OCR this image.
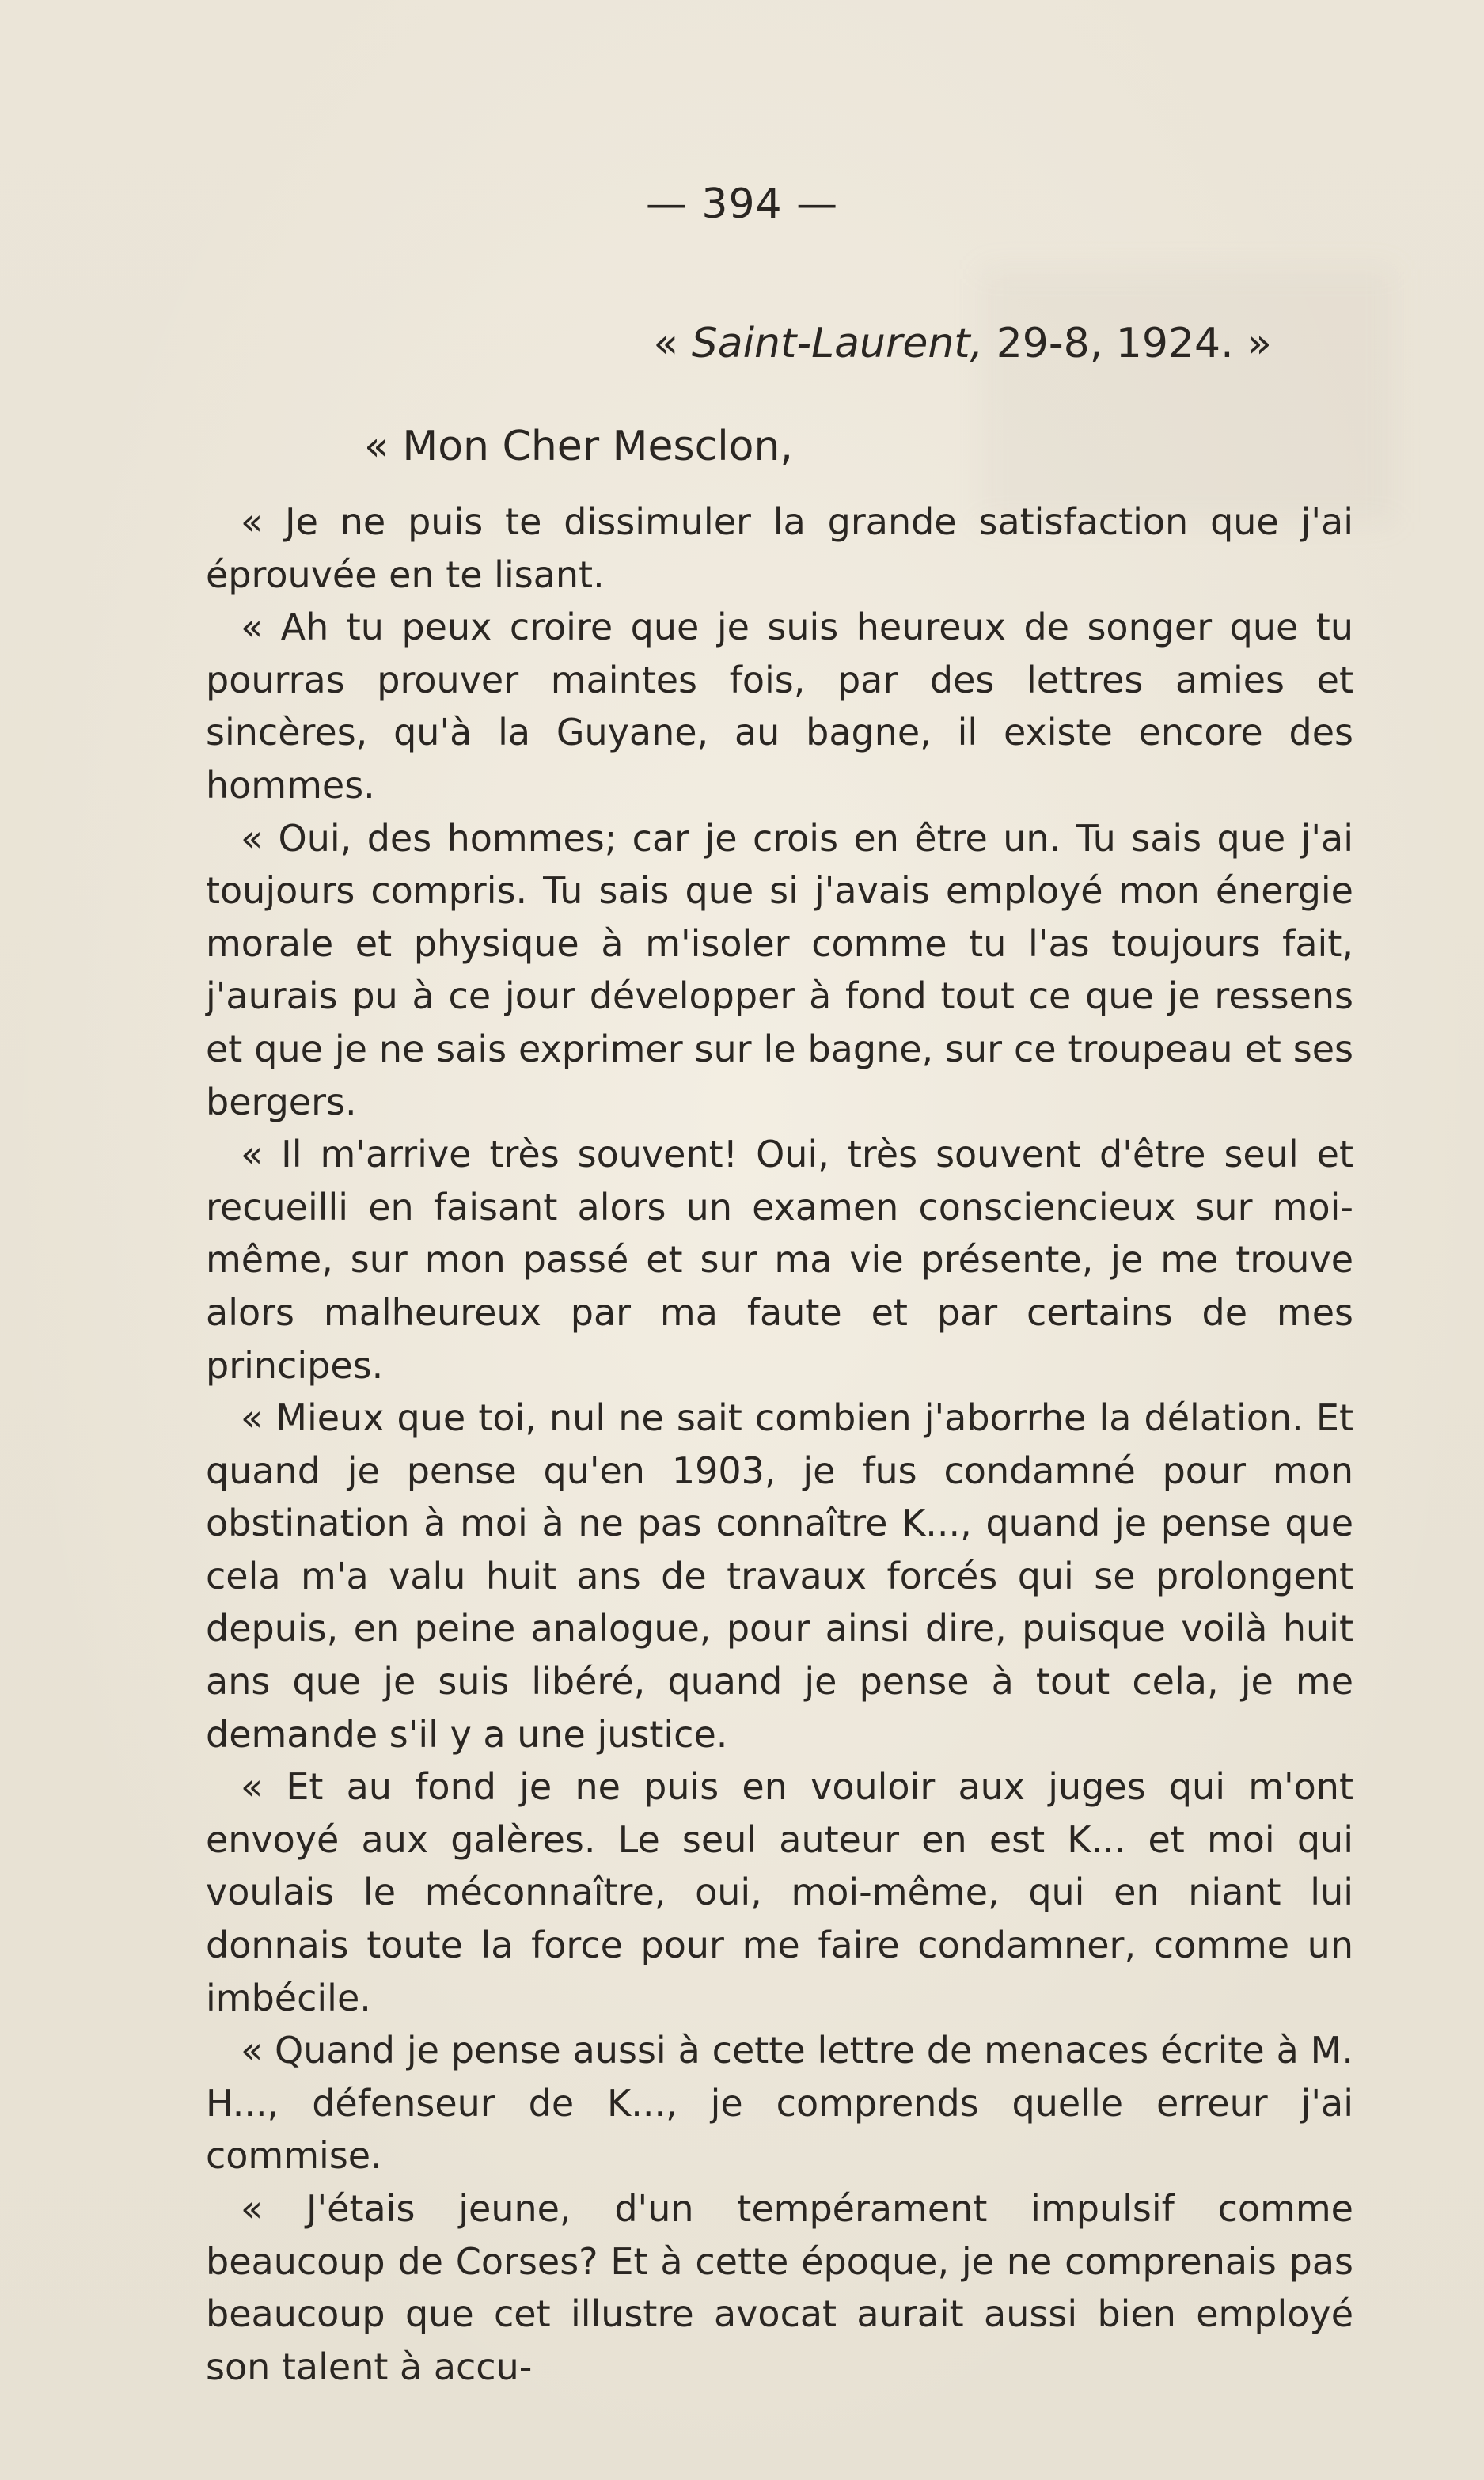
— 394 —
« Saint-Laurent, 29-8, 1924. »
« Mon Cher Mesclon,

« Je ne puis te dissimuler la grande satisfaction que j'ai éprouvée en te lisant.

« Ah tu peux croire que je suis heureux de songer que tu pourras prouver maintes fois, par des lettres amies et sincères, qu'à la Guyane, au bagne, il existe encore des hommes.

« Oui, des hommes; car je crois en être un. Tu sais que j'ai toujours compris. Tu sais que si j'avais employé mon énergie morale et physique à m'isoler comme tu l'as toujours fait, j'aurais pu à ce jour développer à fond tout ce que je ressens et que je ne sais exprimer sur le bagne, sur ce troupeau et ses bergers.

« Il m'arrive très souvent! Oui, très souvent d'être seul et recueilli en faisant alors un examen consciencieux sur moi-même, sur mon passé et sur ma vie présente, je me trouve alors malheureux par ma faute et par certains de mes principes.

« Mieux que toi, nul ne sait combien j'aborrhe la délation. Et quand je pense qu'en 1903, je fus condamné pour mon obstination à moi à ne pas connaître K..., quand je pense que cela m'a valu huit ans de travaux forcés qui se prolongent depuis, en peine analogue, pour ainsi dire, puisque voilà huit ans que je suis libéré, quand je pense à tout cela, je me demande s'il y a une justice.

« Et au fond je ne puis en vouloir aux juges qui m'ont envoyé aux galères. Le seul auteur en est K... et moi qui voulais le méconnaître, oui, moi-même, qui en niant lui donnais toute la force pour me faire condamner, comme un imbécile.

« Quand je pense aussi à cette lettre de menaces écrite à M. H..., défenseur de K..., je comprends quelle erreur j'ai commise.

« J'étais jeune, d'un tempérament impulsif comme beaucoup de Corses? Et à cette époque, je ne comprenais pas beaucoup que cet illustre avocat aurait aussi bien employé son talent à accu-
